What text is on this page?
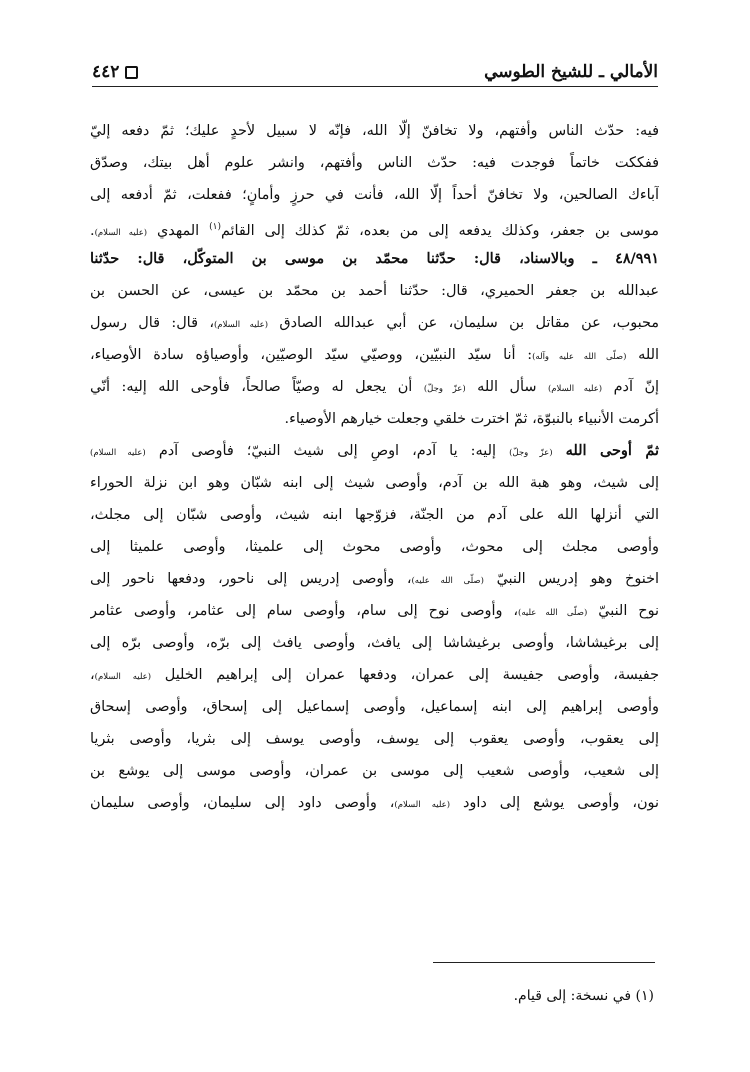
الأمالي ـ للشيخ الطوسي
٤٤٢
فيه: حدّث الناس وأفتهم، ولا تخافنّ إلّا الله، فإنّه لا سبيل لأحدٍ عليك؛ ثمّ دفعه إليّ
ففككت خاتماً فوجدت فيه: حدّث الناس وأفتهم، وانشر علوم أهل بيتك، وصدّق
آباءك الصالحين، ولا تخافنّ أحداً إلّا الله، فأنت في حرزٍ وأمانٍ؛ ففعلت، ثمّ أدفعه إلى
موسى بن جعفر، وكذلك يدفعه إلى من بعده، ثمّ كذلك إلى القائم$^{(١)}$ المهدي (عليه السلام).
٤٨/٩٩١ ـ وبالاسناد، قال: حدّثنا محمّد بن موسى بن المتوكّل، قال: حدّثنا
عبدالله بن جعفر الحميري، قال: حدّثنا أحمد بن محمّد بن عيسى، عن الحسن بن
محبوب، عن مقاتل بن سليمان، عن أبي عبدالله الصادق (عليه السلام)، قال: قال رسول
الله (صلّى الله عليه وآله): أنا سيّد النبيّين، ووصيّي سيّد الوصيّين، وأوصياؤه سادة الأوصياء،
إنّ آدم (عليه السلام) سأل الله (عزّ وجلّ) أن يجعل له وصيّاً صالحاً، فأوحى الله إليه: أنّي
أكرمت الأنبياء بالنبوّة، ثمّ اخترت خلقي وجعلت خيارهم الأوصياء.
ثمّ أوحى الله (عزّ وجلّ) إليه: يا آدم، اوصِ إلى شيث النبيّ؛ فأوصى آدم (عليه السلام)
إلى شيث، وهو هبة الله بن آدم، وأوصى شيث إلى ابنه شبّان وهو ابن نزلة الحوراء
التي أنزلها الله على آدم من الجنّة، فزوّجها ابنه شيث، وأوصى شبّان إلى مجلث،
وأوصى مجلث إلى محوث، وأوصى محوث إلى علميثا، وأوصى علميثا إلى
اخنوخ وهو إدريس النبيّ (صلّى الله عليه)، وأوصى إدريس إلى ناحور، ودفعها ناحور إلى
نوح النبيّ (صلّى الله عليه)، وأوصى نوح إلى سام، وأوصى سام إلى عثامر، وأوصى عثامر
إلى برغيشاشا، وأوصى برغيشاشا إلى يافث، وأوصى يافث إلى برّه، وأوصى برّه إلى
جفيسة، وأوصى جفيسة إلى عمران، ودفعها عمران إلى إبراهيم الخليل (عليه السلام)،
وأوصى إبراهيم إلى ابنه إسماعيل، وأوصى إسماعيل إلى إسحاق، وأوصى إسحاق
إلى يعقوب، وأوصى يعقوب إلى يوسف، وأوصى يوسف إلى بثريا، وأوصى بثريا
إلى شعيب، وأوصى شعيب إلى موسى بن عمران، وأوصى موسى إلى يوشع بن
نون، وأوصى يوشع إلى داود (عليه السلام)، وأوصى داود إلى سليمان، وأوصى سليمان
(١) في نسخة: إلى قيام.
